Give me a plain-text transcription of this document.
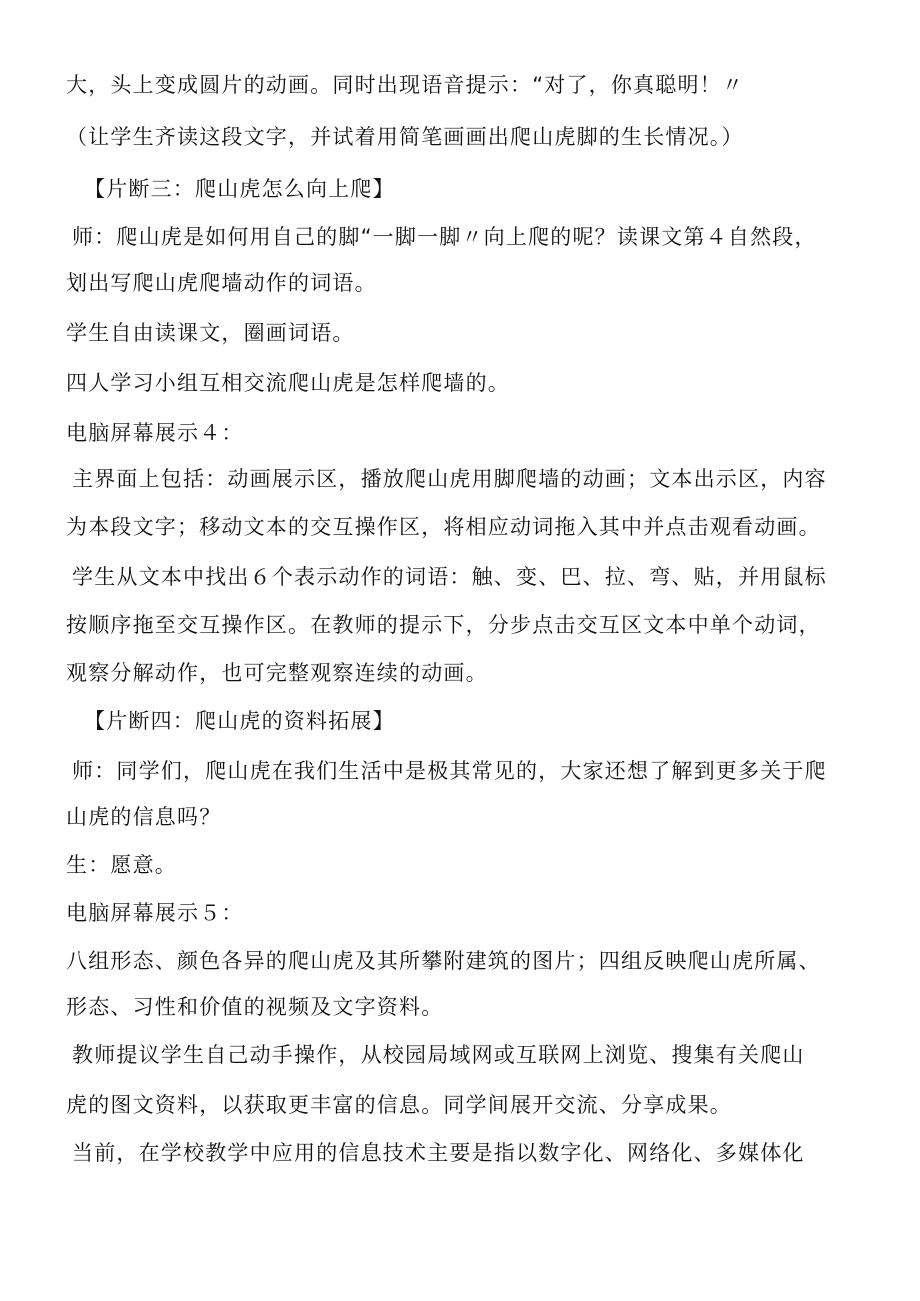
大，头上变成圆片的动画。同时出现语音提示：“对了，你真聪明！〃
（让学生齐读这段文字，并试着用简笔画画出爬山虎脚的生长情况。）
【片断三：爬山虎怎么向上爬】
师：爬山虎是如何用自己的脚“一脚一脚〃向上爬的呢？读课文第４自然段，
划出写爬山虎爬墙动作的词语。
学生自由读课文，圈画词语。
四人学习小组互相交流爬山虎是怎样爬墙的。
电脑屏幕展示４：
主界面上包括：动画展示区，播放爬山虎用脚爬墙的动画；文本出示区，内容
为本段文字；移动文本的交互操作区，将相应动词拖入其中并点击观看动画。
学生从文本中找出６个表示动作的词语：触、变、巴、拉、弯、贴，并用鼠标
按顺序拖至交互操作区。在教师的提示下，分步点击交互区文本中单个动词，
观察分解动作，也可完整观察连续的动画。
【片断四：爬山虎的资料拓展】
师：同学们，爬山虎在我们生活中是极其常见的，大家还想了解到更多关于爬
山虎的信息吗？
生：愿意。
电脑屏幕展示５：
八组形态、颜色各异的爬山虎及其所攀附建筑的图片；四组反映爬山虎所属、
形态、习性和价值的视频及文字资料。
教师提议学生自己动手操作，从校园局域网或互联网上浏览、搜集有关爬山
虎的图文资料，以获取更丰富的信息。同学间展开交流、分享成果。
当前，在学校教学中应用的信息技术主要是指以数字化、网络化、多媒体化
